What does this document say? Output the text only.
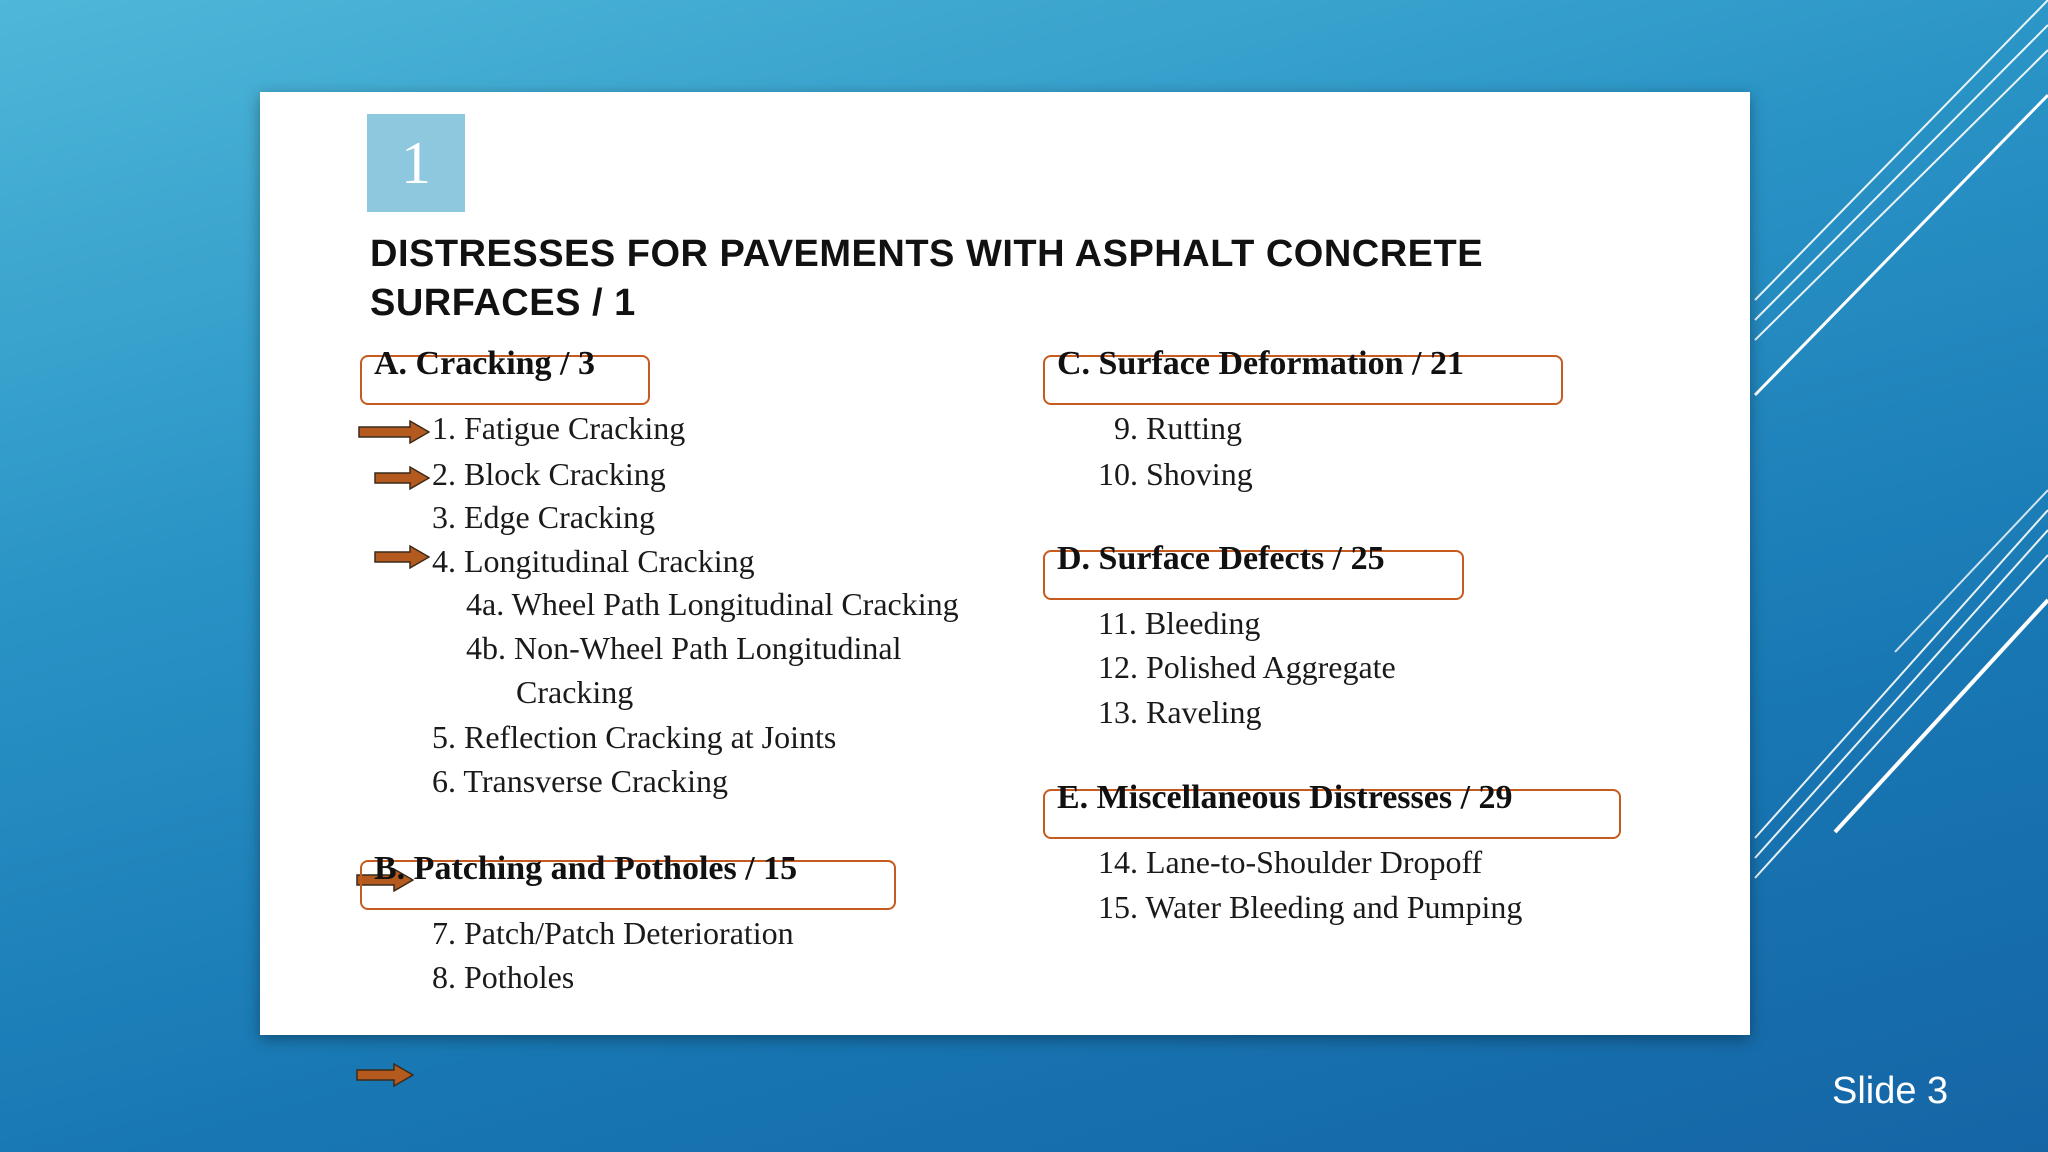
1
DISTRESSES FOR PAVEMENTS WITH ASPHALT CONCRETE
SURFACES / 1
A. Cracking / 3
1. Fatigue Cracking
2. Block Cracking
3. Edge Cracking
4. Longitudinal Cracking
4a. Wheel Path Longitudinal Cracking
4b. Non-Wheel Path Longitudinal
Cracking
5. Reflection Cracking at Joints
6. Transverse Cracking
B. Patching and Potholes / 15
7. Patch/Patch Deterioration
8. Potholes
C. Surface Deformation / 21
9. Rutting
10. Shoving
D. Surface Defects / 25
11. Bleeding
12. Polished Aggregate
13. Raveling
E. Miscellaneous Distresses / 29
14. Lane-to-Shoulder Dropoff
15. Water Bleeding and Pumping
Slide 3
